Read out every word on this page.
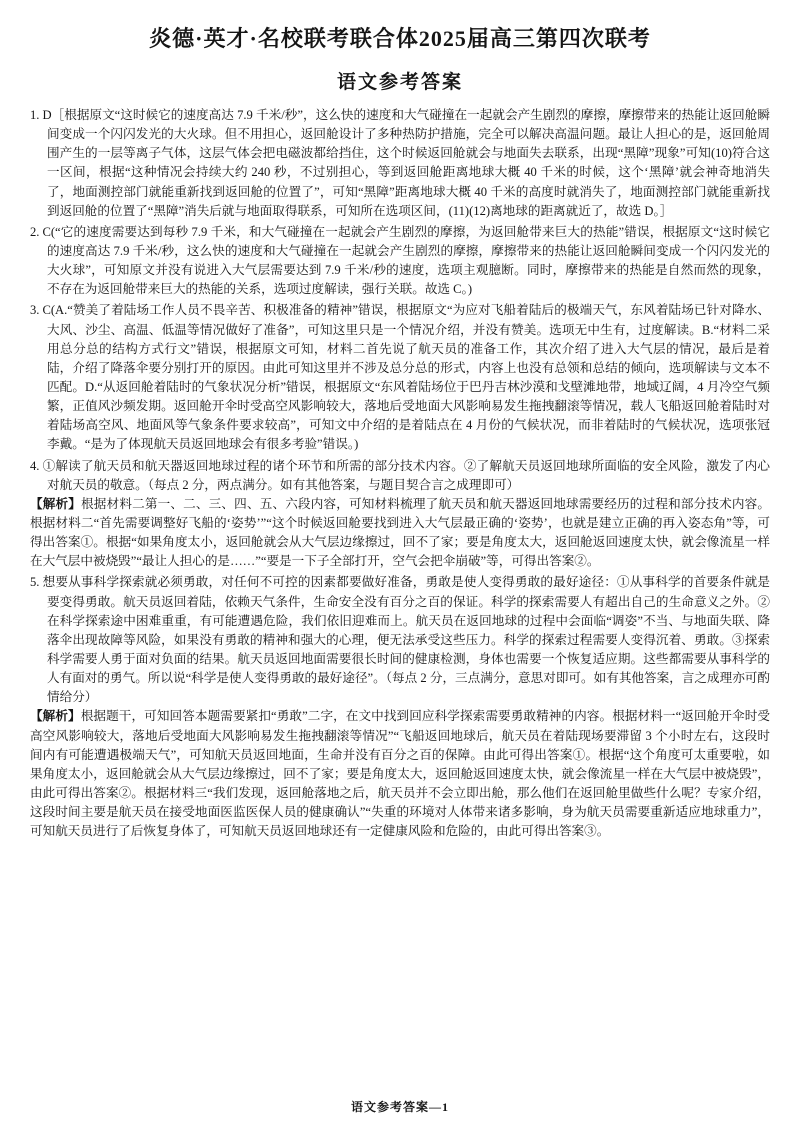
炎德·英才·名校联考联合体2025届高三第四次联考
语文参考答案

1. D［根据原文“这时候它的速度高达 7.9 千米/秒”，这么快的速度和大气碰撞在一起就会产生剧烈的摩擦，摩擦带来的热能让返回舱瞬间变成一个闪闪发光的大火球。但不用担心，返回舱设计了多种热防护措施，完全可以解决高温问题。最让人担心的是，返回舱周围产生的一层等离子气体，这层气体会把电磁波都给挡住，这个时候返回舱就会与地面失去联系，出现“黑障”现象”可知(10)符合这一区间，根据“这种情况会持续大约 240 秒，不过别担心，等到返回舱距离地球大概 40 千米的时候，这个‘黑障’就会神奇地消失了，地面测控部门就能重新找到返回舱的位置了”，可知“黑障”距离地球大概 40 千米的高度时就消失了，地面测控部门就能重新找到返回舱的位置了“黑障”消失后就与地面取得联系，可知所在选项区间，(11)(12)离地球的距离就近了，故选 D。］

2. C(“它的速度需要达到每秒 7.9 千米，和大气碰撞在一起就会产生剧烈的摩擦，为返回舱带来巨大的热能”错误，根据原文“这时候它的速度高达 7.9 千米/秒，这么快的速度和大气碰撞在一起就会产生剧烈的摩擦，摩擦带来的热能让返回舱瞬间变成一个闪闪发光的大火球”，可知原文并没有说进入大气层需要达到 7.9 千米/秒的速度，选项主观臆断。同时，摩擦带来的热能是自然而然的现象，不存在为返回舱带来巨大的热能的关系，选项过度解读，强行关联。故选 C。)

3. C(A.“赞美了着陆场工作人员不畏辛苦、积极准备的精神”错误，根据原文“为应对飞船着陆后的极端天气，东风着陆场已针对降水、大风、沙尘、高温、低温等情况做好了准备”，可知这里只是一个情况介绍，并没有赞美。选项无中生有，过度解读。B.“材料二采用总分总的结构方式行文”错误，根据原文可知，材料二首先说了航天员的准备工作，其次介绍了进入大气层的情况，最后是着陆，介绍了降落伞要分别打开的原因。由此可知这里并不涉及总分总的形式，内容上也没有总领和总结的倾向，选项解读与文本不匹配。D.“从返回舱着陆时的气象状况分析”错误，根据原文“东风着陆场位于巴丹吉林沙漠和戈壁滩地带，地域辽阔，4 月冷空气频繁，正值风沙频发期。返回舱开伞时受高空风影响较大，落地后受地面大风影响易发生拖拽翻滚等情况，载人飞船返回舱着陆时对着陆场高空风、地面风等气象条件要求较高”，可知文中介绍的是着陆点在 4 月份的气候状况，而非着陆时的气候状况，选项张冠李戴。“是为了体现航天员返回地球会有很多考验”错误。)

4. ①解读了航天员和航天器返回地球过程的诸个环节和所需的部分技术内容。②了解航天员返回地球所面临的安全风险，激发了内心对航天员的敬意。（每点 2 分，两点满分。如有其他答案，与题目契合言之成理即可）

【解析】根据材料二第一、二、三、四、五、六段内容，可知材料梳理了航天员和航天器返回地球需要经历的过程和部分技术内容。根据材料二“首先需要调整好飞船的‘姿势’”“这个时候返回舱要找到进入大气层最正确的‘姿势’，也就是建立正确的再入姿态角”等，可得出答案①。根据“如果角度太小，返回舱就会从大气层边缘擦过，回不了家；要是角度太大，返回舱返回速度太快，就会像流星一样在大气层中被烧毁”“最让人担心的是……”“要是一下子全部打开，空气会把伞崩破”等，可得出答案②。

5. 想要从事科学探索就必须勇敢，对任何不可控的因素都要做好准备，勇敢是使人变得勇敢的最好途径：①从事科学的首要条件就是要变得勇敢。航天员返回着陆，依赖天气条件，生命安全没有百分之百的保证。科学的探索需要人有超出自己的生命意义之外。②在科学探索途中困难重重，有可能遭遇危险，我们依旧迎难而上。航天员在返回地球的过程中会面临“调姿”不当、与地面失联、降落伞出现故障等风险，如果没有勇敢的精神和强大的心理，便无法承受这些压力。科学的探索过程需要人变得沉着、勇敢。③探索科学需要人勇于面对负面的结果。航天员返回地面需要很长时间的健康检测，身体也需要一个恢复适应期。这些都需要从事科学的人有面对的勇气。所以说“科学是使人变得勇敢的最好途径”。（每点 2 分，三点满分，意思对即可。如有其他答案，言之成理亦可酌情给分）

【解析】根据题干，可知回答本题需要紧扣“勇敢”二字，在文中找到回应科学探索需要勇敢精神的内容。根据材料一“返回舱开伞时受高空风影响较大，落地后受地面大风影响易发生拖拽翻滚等情况”“飞船返回地球后，航天员在着陆现场要滞留 3 个小时左右，这段时间内有可能遭遇极端天气”，可知航天员返回地面，生命并没有百分之百的保障。由此可得出答案①。根据“这个角度可太重要啦，如果角度太小，返回舱就会从大气层边缘擦过，回不了家；要是角度太大，返回舱返回速度太快，就会像流星一样在大气层中被烧毁”，由此可得出答案②。根据材料三“我们发现，返回舱落地之后，航天员并不会立即出舱，那么他们在返回舱里做些什么呢？专家介绍，这段时间主要是航天员在接受地面医监医保人员的健康确认”“失重的环境对人体带来诸多影响，身为航天员需要重新适应地球重力”，可知航天员进行了后恢复身体了，可知航天员返回地球还有一定健康风险和危险的，由此可得出答案③。

语文参考答案—1
